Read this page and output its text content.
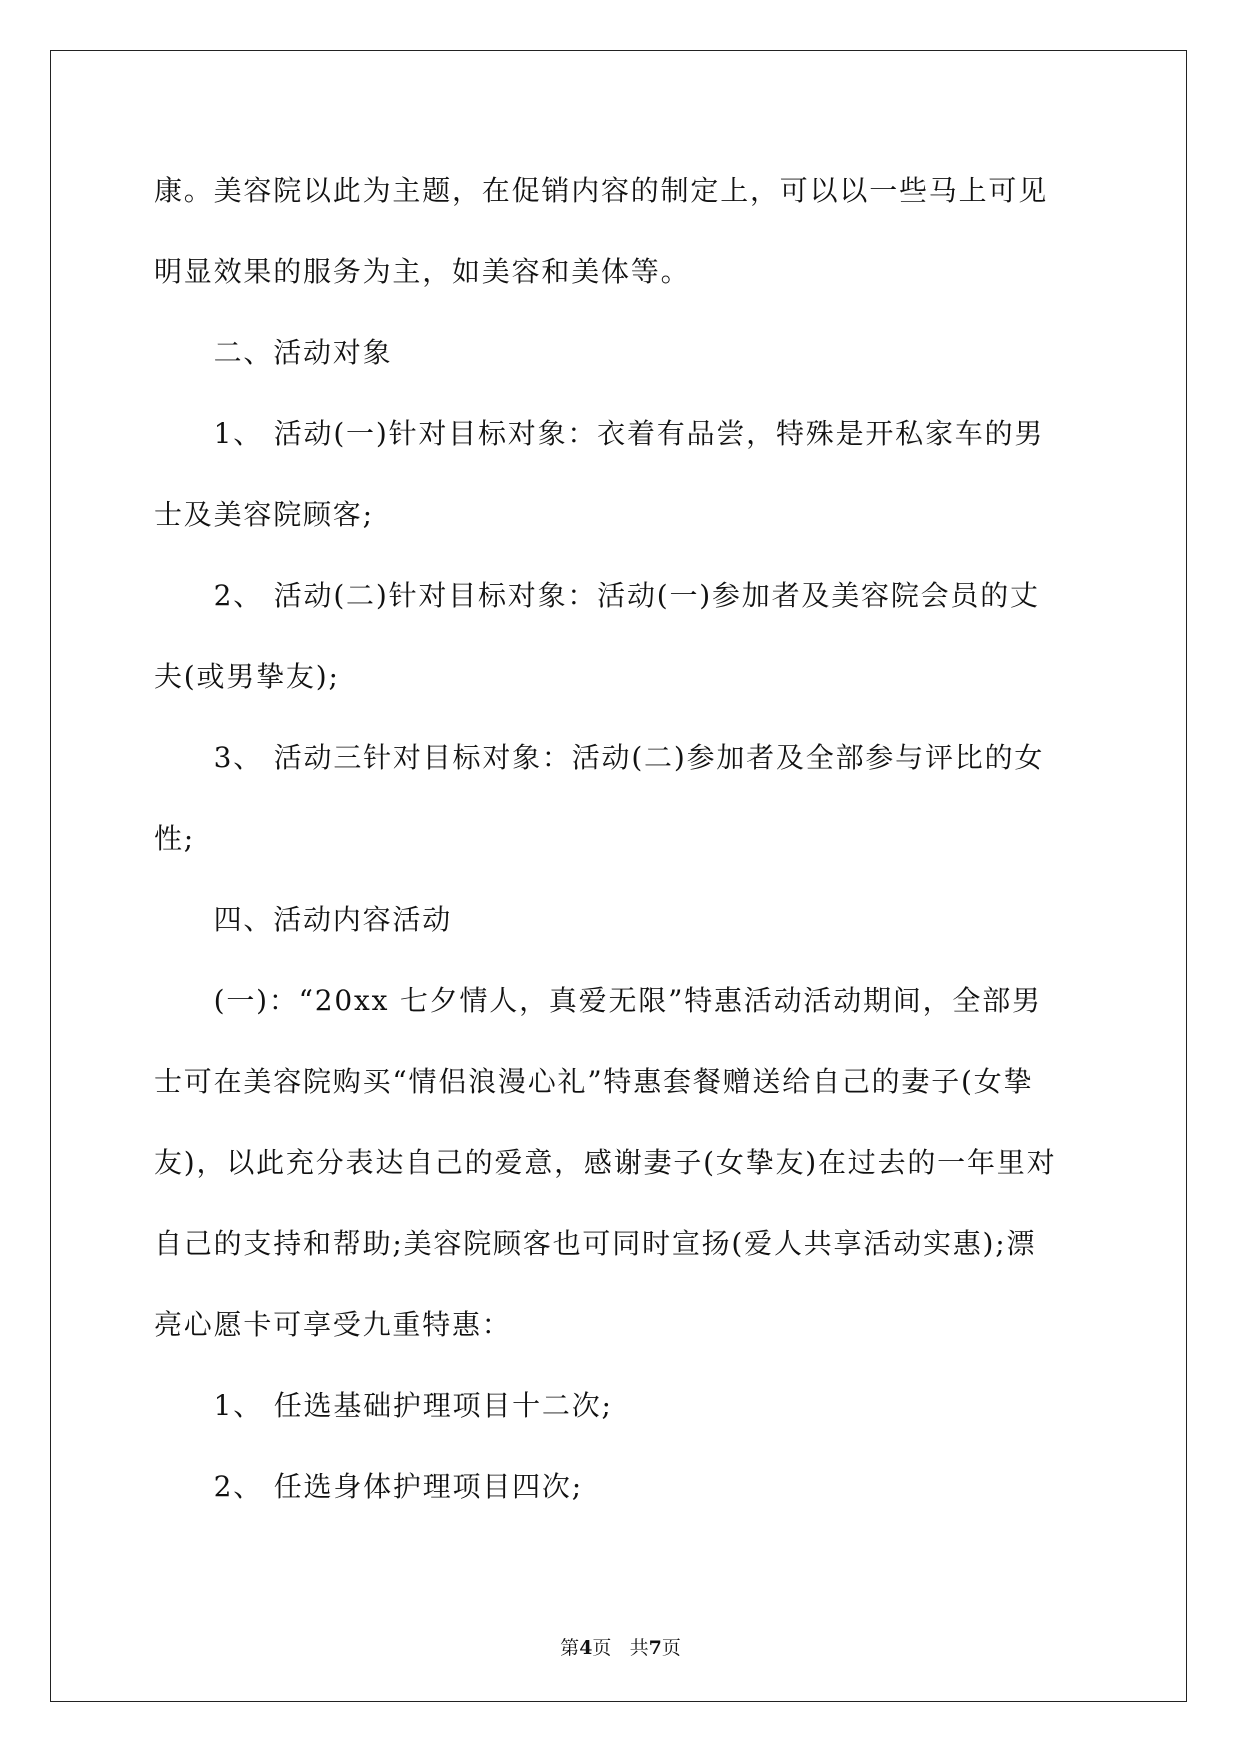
康。美容院以此为主题，在促销内容的制定上，可以以一些马上可见

明显效果的服务为主，如美容和美体等。

　　二、活动对象

　　1、 活动(一)针对目标对象：衣着有品尝，特殊是开私家车的男

士及美容院顾客;

　　2、 活动(二)针对目标对象：活动(一)参加者及美容院会员的丈

夫(或男挚友);

　　3、 活动三针对目标对象：活动(二)参加者及全部参与评比的女

性;

　　四、活动内容活动

　　(一)：“20xx 七夕情人，真爱无限”特惠活动活动期间，全部男

士可在美容院购买“情侣浪漫心礼”特惠套餐赠送给自己的妻子(女挚

友)，以此充分表达自己的爱意，感谢妻子(女挚友)在过去的一年里对

自己的支持和帮助;美容院顾客也可同时宣扬(爱人共享活动实惠);漂

亮心愿卡可享受九重特惠：

　　1、 任选基础护理项目十二次;

　　2、 任选身体护理项目四次;

第4页 共7页
